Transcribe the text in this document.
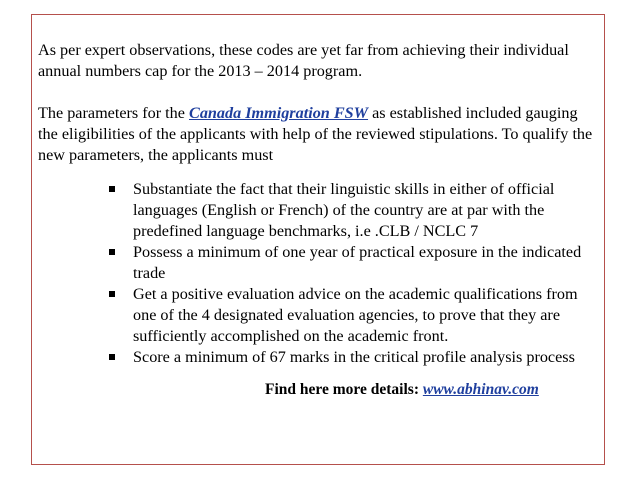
As per expert observations, these codes are yet far from achieving their individual annual numbers cap for the 2013 – 2014 program.

The parameters for the Canada Immigration FSW as established included gauging the eligibilities of the applicants with help of the reviewed stipulations. To qualify the new parameters, the applicants must

Substantiate the fact that their linguistic skills in either of official languages (English or French) of the country are at par with the predefined language benchmarks, i.e .CLB / NCLC 7
Possess a minimum of one year of practical exposure in the indicated trade
Get a positive evaluation advice on the academic qualifications from one of the 4 designated evaluation agencies, to prove that they are sufficiently accomplished on the academic front.
Score a minimum of 67 marks in the critical profile analysis process

Find here more details: www.abhinav.com
